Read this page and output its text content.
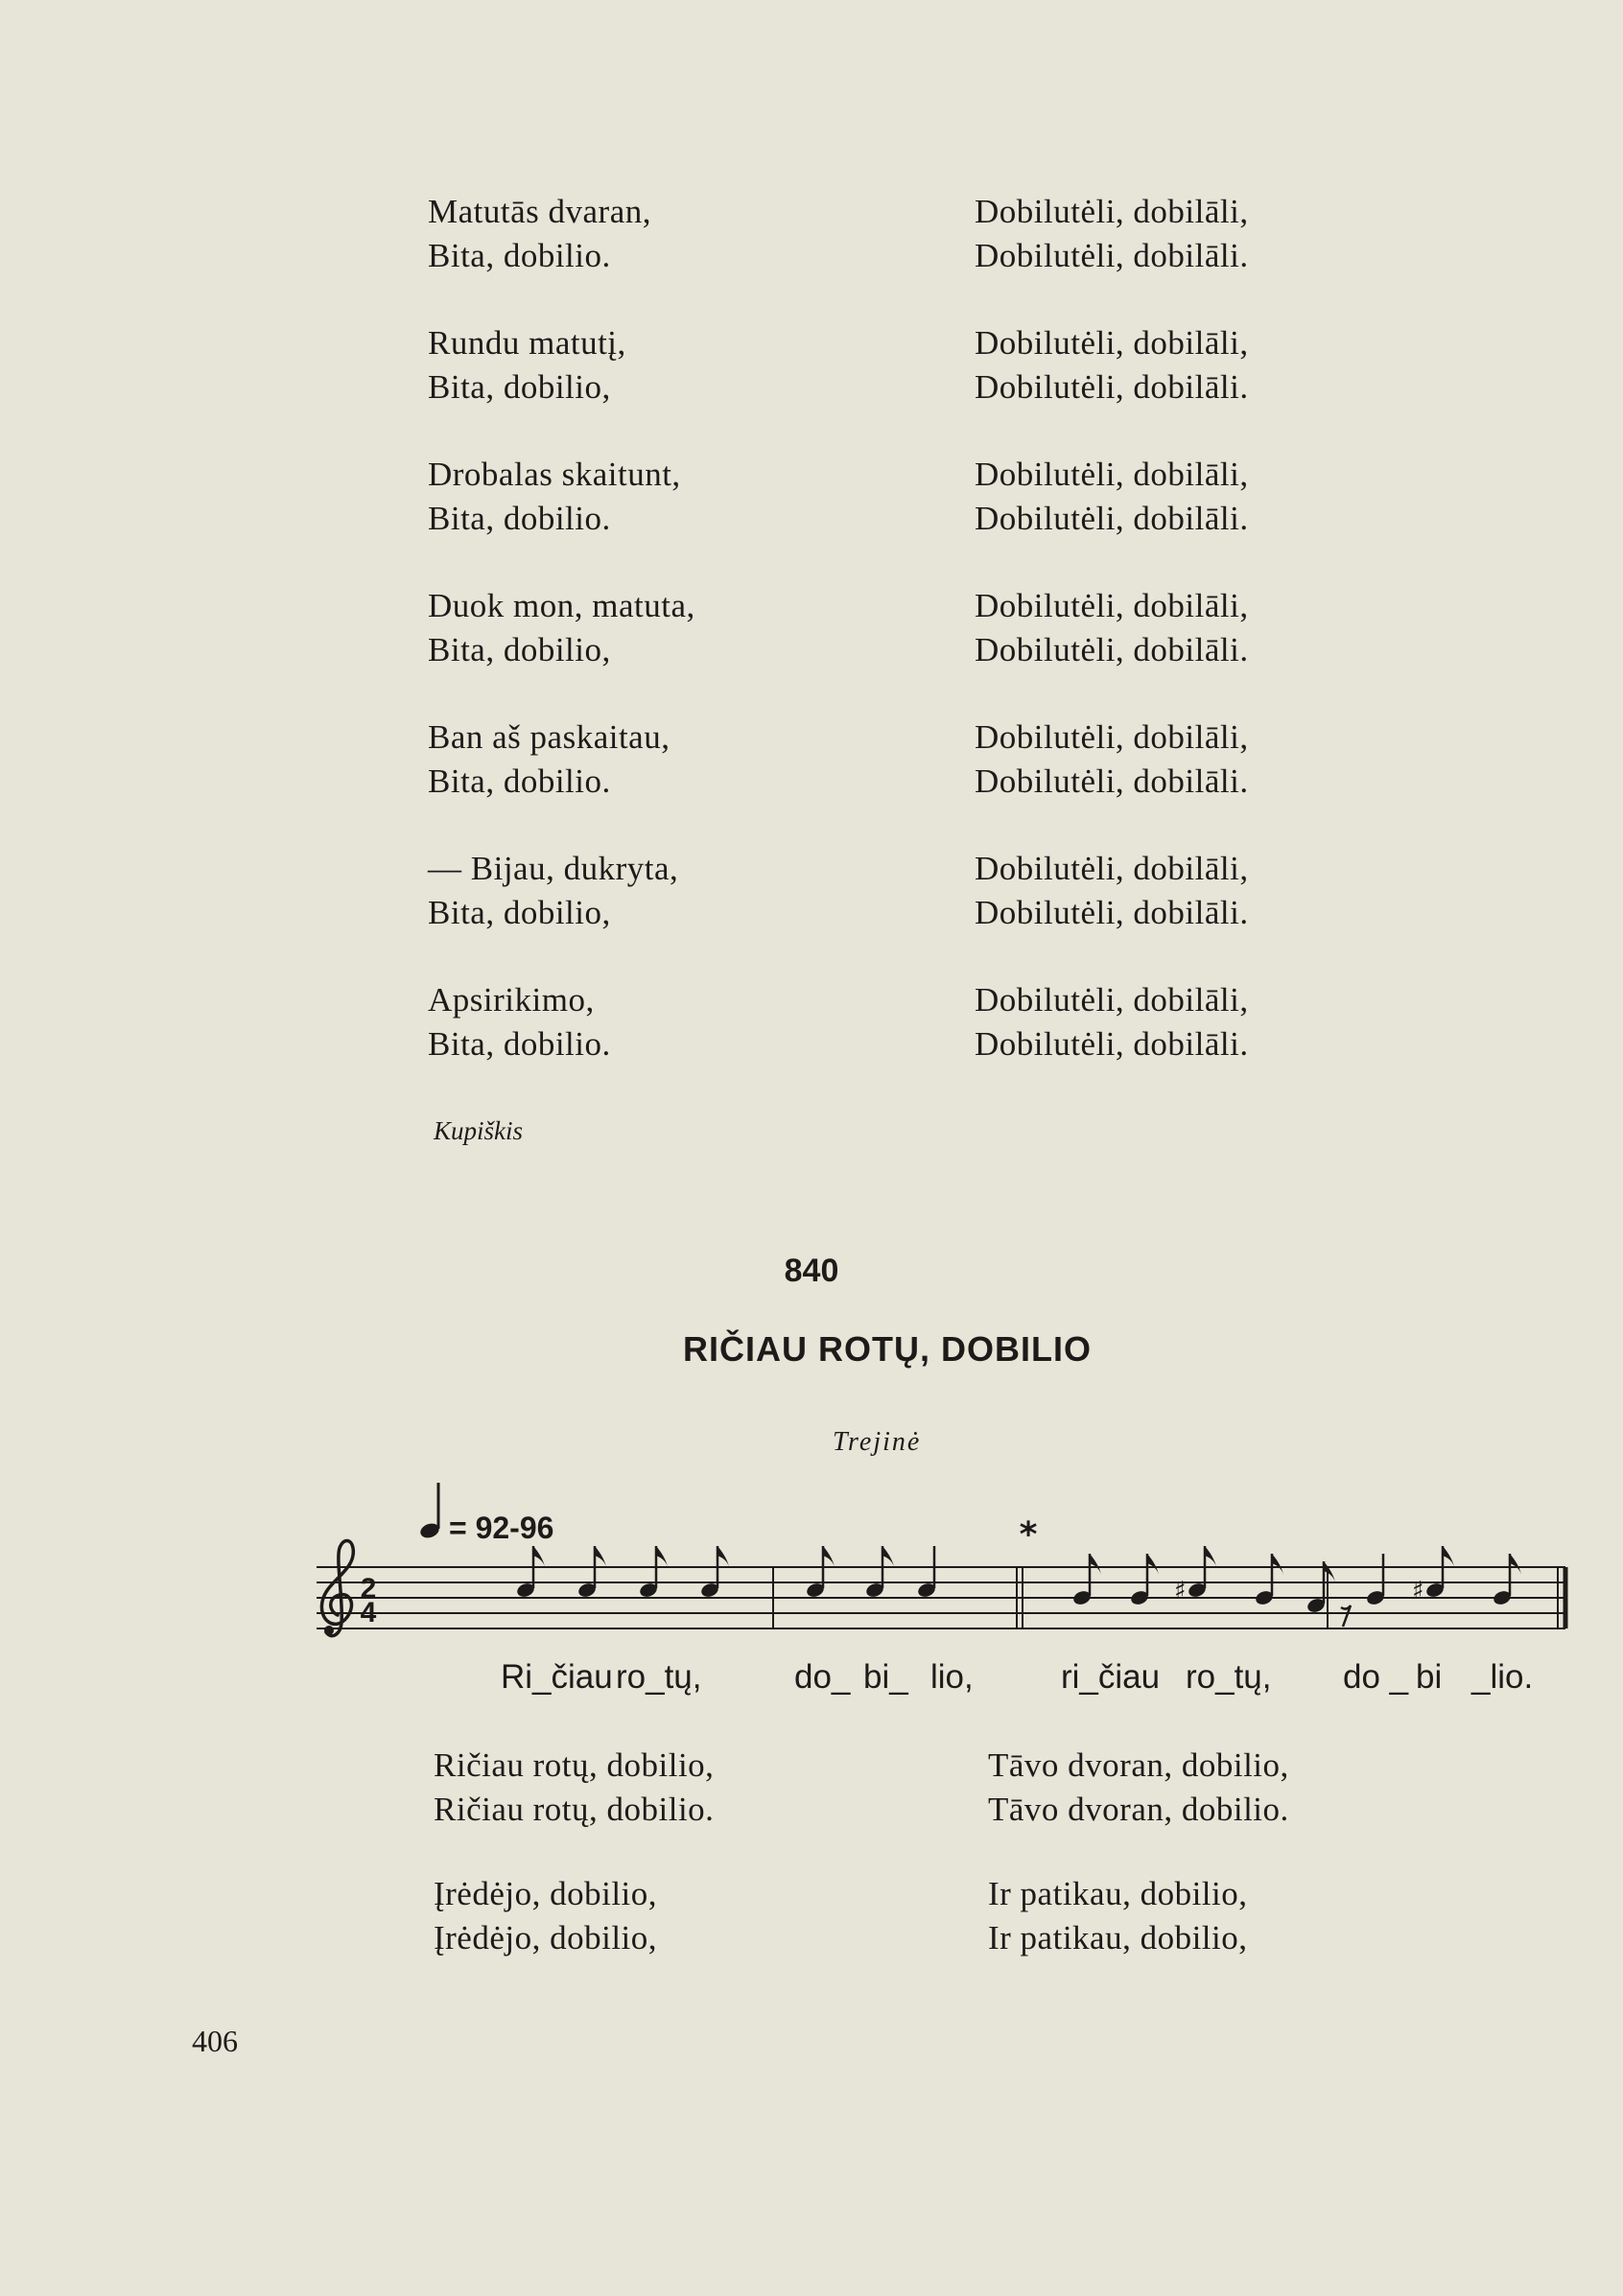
Matutās dvaran,
Bita, dobilio.
Rundu matutį,
Bita, dobilio,
Drobalas skaitunt,
Bita, dobilio.
Duok mon, matuta,
Bita, dobilio,
Ban aš paskaitau,
Bita, dobilio.
— Bijau, dukryta,
Bita, dobilio,
Apsirikimo,
Bita, dobilio.
Dobilutėli, dobilāli,
Dobilutėli, dobilāli.
Dobilutėli, dobilāli,
Dobilutėli, dobilāli.
Dobilutėli, dobilāli,
Dobilutėli, dobilāli.
Dobilutėli, dobilāli,
Dobilutėli, dobilāli.
Dobilutėli, dobilāli,
Dobilutėli, dobilāli.
Dobilutėli, dobilāli,
Dobilutėli, dobilāli.
Dobilutėli, dobilāli,
Dobilutėli, dobilāli.
Kupiškis
840
RIČIAU ROTŲ, DOBILIO
Trejinė
= 92-96
2
4
*
♯	♯
Ri_čiau ro_tų,	do_ bi_ lio,	ri_čiau ro_tų, do _ bi _lio.
Ričiau rotų, dobilio,
Ričiau rotų, dobilio.
Įrėdėjo, dobilio,
Įrėdėjo, dobilio,
Tāvo dvoran, dobilio,
Tāvo dvoran, dobilio.
Ir patikau, dobilio,
Ir patikau, dobilio,
406
